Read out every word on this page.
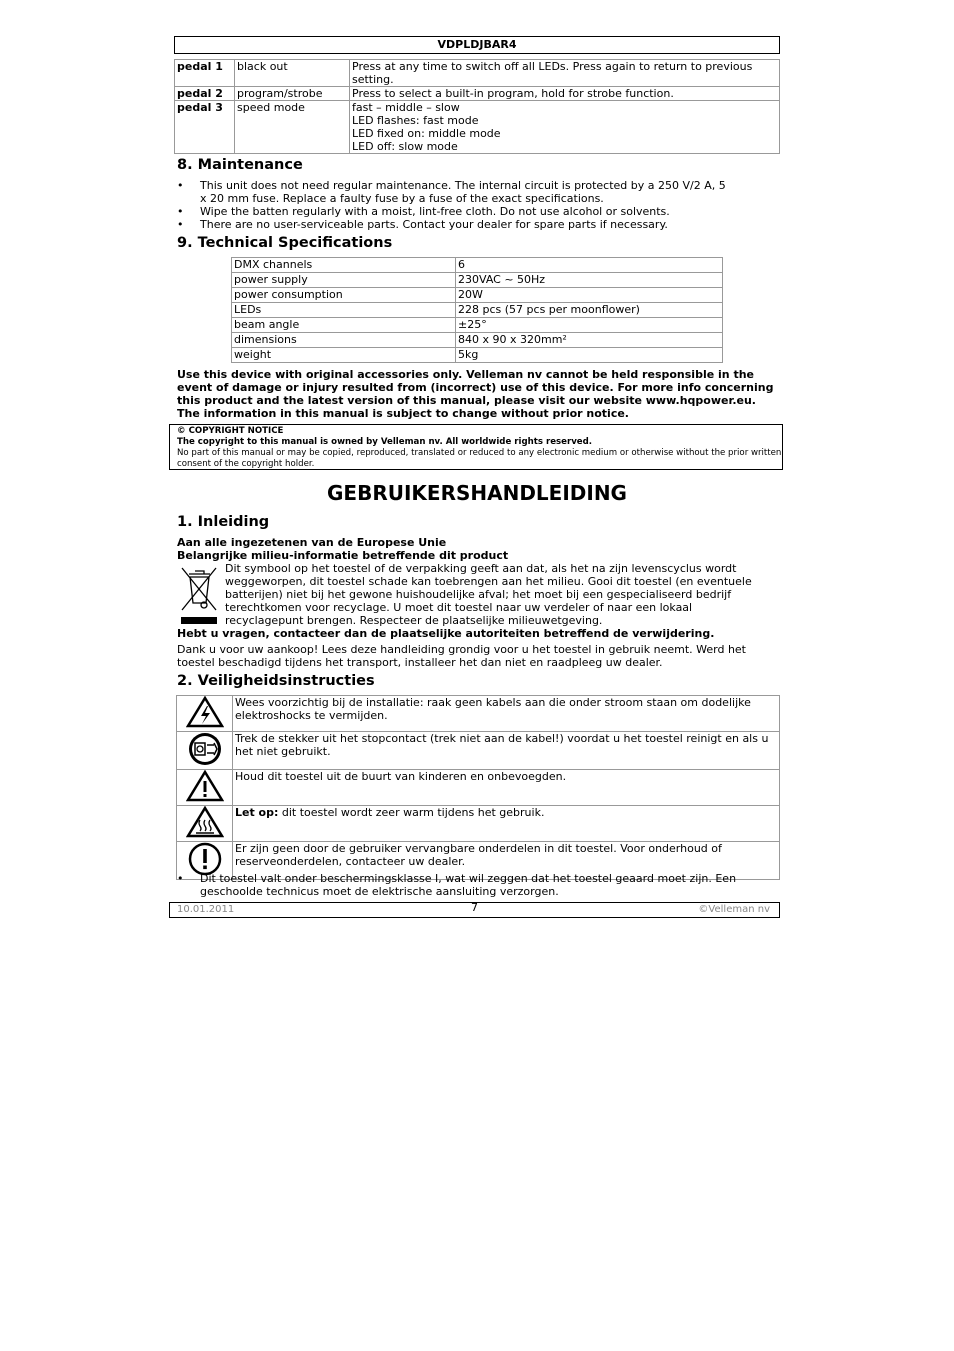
VDPLDJBAR4
pedal 1	black out	Press at any time to switch off all LEDs. Press again to return to previous setting.
pedal 2	program/strobe	Press to select a built-in program, hold for strobe function.
pedal 3	speed mode	fast – middle – slow
LED flashes: fast mode
LED fixed on: middle mode
LED off: slow mode
8. Maintenance
• This unit does not need regular maintenance. The internal circuit is protected by a 250 V/2 A, 5 x 20 mm fuse. Replace a faulty fuse by a fuse of the exact specifications.
• Wipe the batten regularly with a moist, lint-free cloth. Do not use alcohol or solvents.
• There are no user-serviceable parts. Contact your dealer for spare parts if necessary.
9. Technical Specifications
DMX channels	6
power supply	230VAC ~ 50Hz
power consumption	20W
LEDs	228 pcs (57 pcs per moonflower)
beam angle	±25°
dimensions	840 x 90 x 320mm²
weight	5kg
Use this device with original accessories only. Velleman nv cannot be held responsible in the event of damage or injury resulted from (incorrect) use of this device. For more info concerning this product and the latest version of this manual, please visit our website www.hqpower.eu. The information in this manual is subject to change without prior notice.
© COPYRIGHT NOTICE
The copyright to this manual is owned by Velleman nv. All worldwide rights reserved.
No part of this manual or may be copied, reproduced, translated or reduced to any electronic medium or otherwise without the prior written consent of the copyright holder.
GEBRUIKERSHANDLEIDING
1. Inleiding
Aan alle ingezetenen van de Europese Unie
Belangrijke milieu-informatie betreffende dit product
Dit symbool op het toestel of de verpakking geeft aan dat, als het na zijn levenscyclus wordt weggeworpen, dit toestel schade kan toebrengen aan het milieu. Gooi dit toestel (en eventuele batterijen) niet bij het gewone huishoudelijke afval; het moet bij een gespecialiseerd bedrijf terechtkomen voor recyclage. U moet dit toestel naar uw verdeler of naar een lokaal recyclagepunt brengen. Respecteer de plaatselijke milieuwetgeving.
Hebt u vragen, contacteer dan de plaatselijke autoriteiten betreffend de verwijdering.
Dank u voor uw aankoop! Lees deze handleiding grondig voor u het toestel in gebruik neemt. Werd het toestel beschadigd tijdens het transport, installeer het dan niet en raadpleeg uw dealer.
2. Veiligheidsinstructies
	Wees voorzichtig bij de installatie: raak geen kabels aan die onder stroom staan om dodelijke elektroshocks te vermijden.
	Trek de stekker uit het stopcontact (trek niet aan de kabel!) voordat u het toestel reinigt en als u het niet gebruikt.
	Houd dit toestel uit de buurt van kinderen en onbevoegden.
	Let op: dit toestel wordt zeer warm tijdens het gebruik.
	Er zijn geen door de gebruiker vervangbare onderdelen in dit toestel. Voor onderhoud of reserveonderdelen, contacteer uw dealer.
• Dit toestel valt onder beschermingsklasse I, wat wil zeggen dat het toestel geaard moet zijn. Een geschoolde technicus moet de elektrische aansluiting verzorgen.
10.01.2011	7	©Velleman nv
